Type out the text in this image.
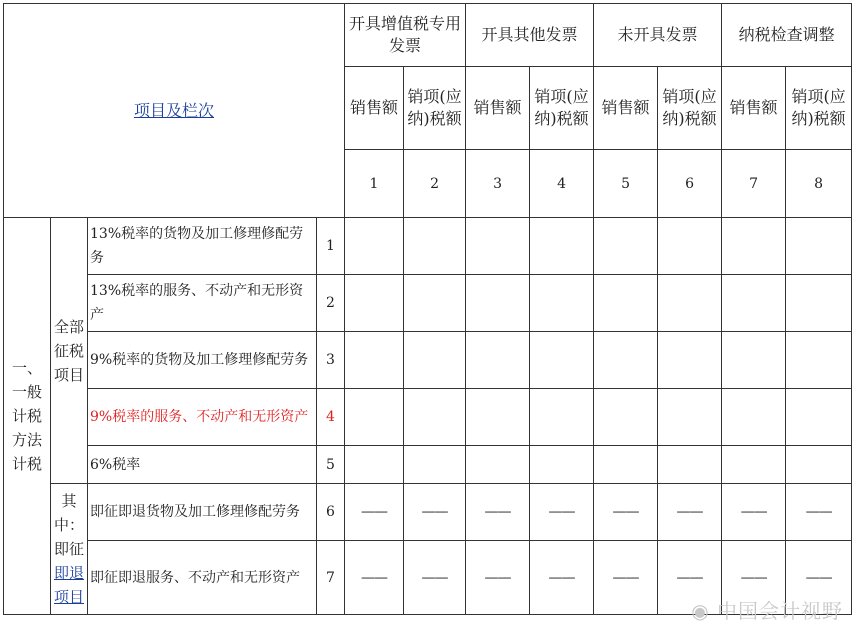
项目及栏次				开具增值税专用发票		开具其他发票		未开具发票		纳税检查调整	
				销售额	销项(应纳)税额	销售额	销项(应纳)税额	销售额	销项(应纳)税额	销售额	销项(应纳)税额
				1	2	3	4	5	6	7	8
一、一般计税方法计税	全部征税项目	13%税率的货物及加工修理修配劳务	1								
		13%税率的服务、不动产和无形资产	2								
		9%税率的货物及加工修理修配劳务	3								
		9%税率的服务、不动产和无形资产	4								
		6%税率	5								
	其中：即征即退项目	即征即退货物及加工修理修配劳务	6	——	——	——	——	——	——	——	——
		即征即退服务、不动产和无形资产	7	——	——	——	——	——	——	——	——
◉ 中国会计视野
